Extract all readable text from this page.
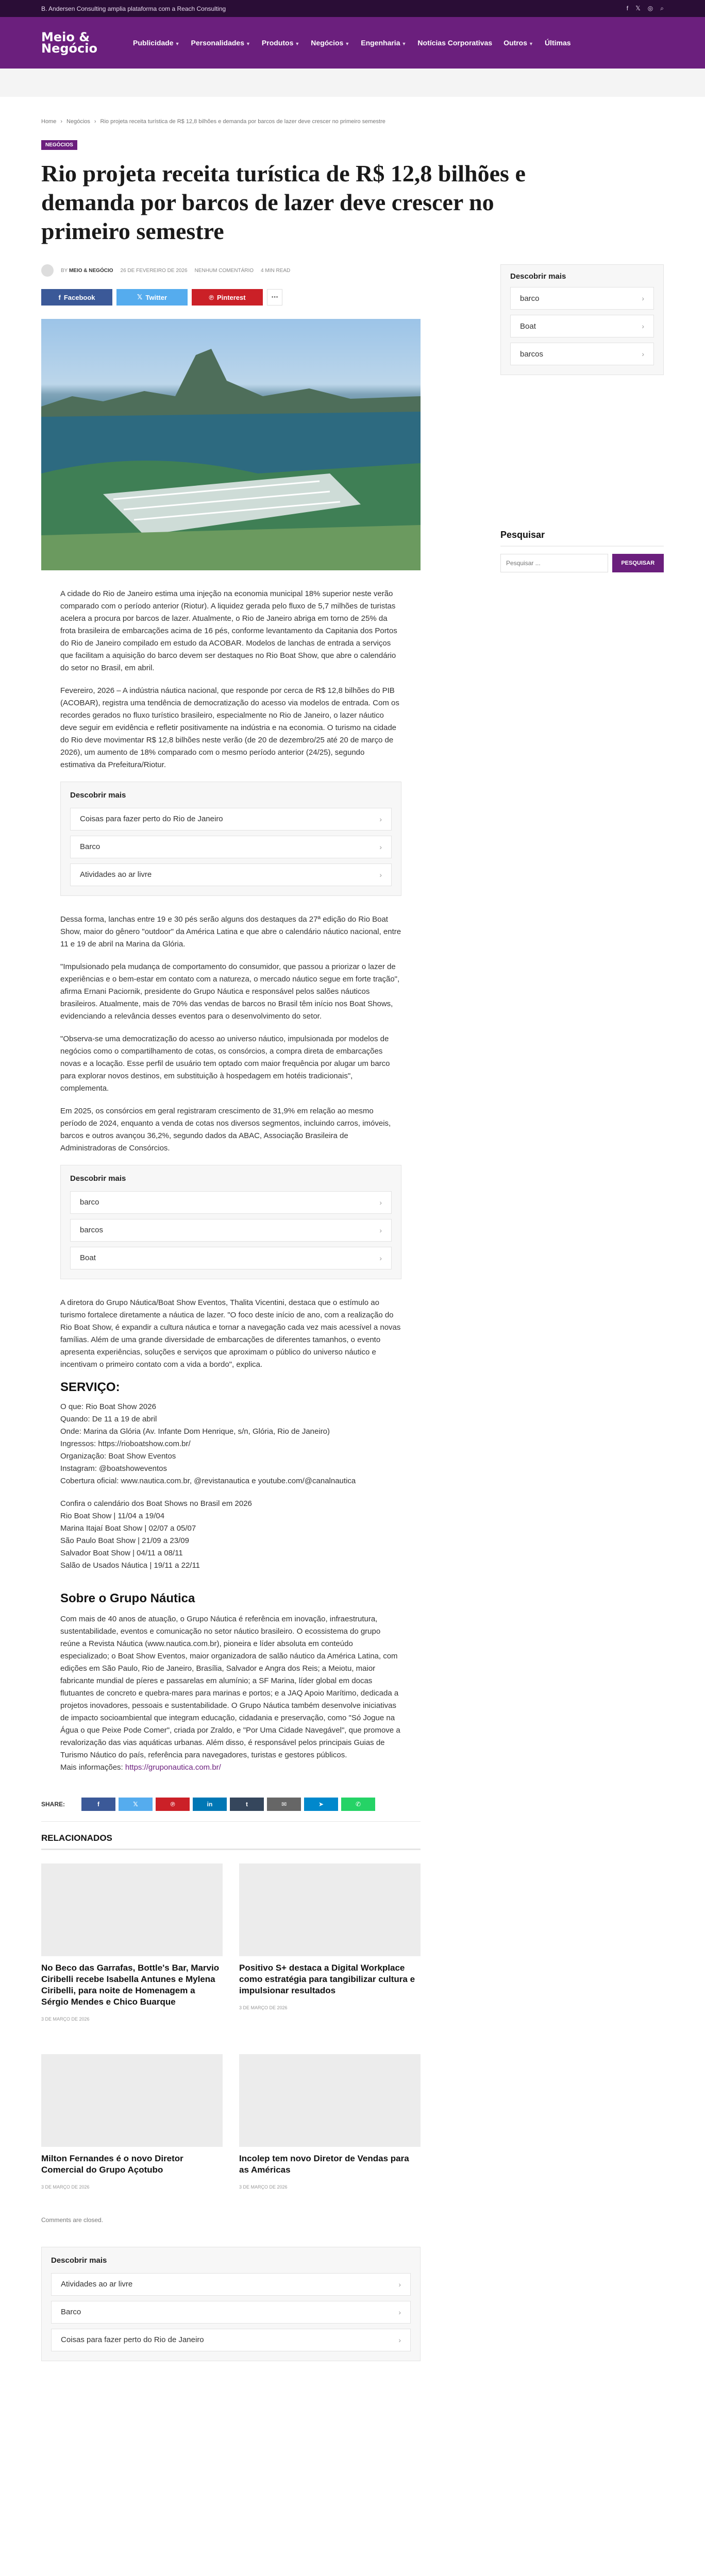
B. Andersen Consulting amplia plataforma com a Reach Consulting	f 𝕏 ◎ ⌕
Meio &
Negócio	Publicidade ▼ Personalidades ▼ Produtos ▼ Negócios ▼ Engenharia ▼ Notícias Corporativas Outros ▼ Últimas
Home › Negócios › Rio projeta receita turística de R$ 12,8 bilhões e demanda por barcos de lazer deve crescer no primeiro semestre
NEGÓCIOS
Rio projeta receita turística de R$ 12,8 bilhões e demanda por barcos de lazer deve crescer no primeiro semestre
BY MEIO & NEGÓCIO 26 DE FEVEREIRO DE 2026 NENHUM COMENTÁRIO 4 MIN READ
f Facebook	𝕏 Twitter	℗ Pinterest	⋯

A cidade do Rio de Janeiro estima uma injeção na economia municipal 18% superior neste verão comparado com o período anterior (Riotur). A liquidez gerada pelo fluxo de 5,7 milhões de turistas acelera a procura por barcos de lazer. Atualmente, o Rio de Janeiro abriga em torno de 25% da frota brasileira de embarcações acima de 16 pés, conforme levantamento da Capitania dos Portos do Rio de Janeiro compilado em estudo da ACOBAR. Modelos de lanchas de entrada a serviços que facilitam a aquisição do barco devem ser destaques no Rio Boat Show, que abre o calendário do setor no Brasil, em abril.

Fevereiro, 2026 – A indústria náutica nacional, que responde por cerca de R$ 12,8 bilhões do PIB (ACOBAR), registra uma tendência de democratização do acesso via modelos de entrada. Com os recordes gerados no fluxo turístico brasileiro, especialmente no Rio de Janeiro, o lazer náutico deve seguir em evidência e refletir positivamente na indústria e na economia. O turismo na cidade do Rio deve movimentar R$ 12,8 bilhões neste verão (de 20 de dezembro/25 até 20 de março de 2026), um aumento de 18% comparado com o mesmo período anterior (24/25), segundo estimativa da Prefeitura/Riotur.

Descobrir mais
Coisas para fazer perto do Rio de Janeiro	›
Barco	›
Atividades ao ar livre	›

Dessa forma, lanchas entre 19 e 30 pés serão alguns dos destaques da 27ª edição do Rio Boat Show, maior do gênero "outdoor" da América Latina e que abre o calendário náutico nacional, entre 11 e 19 de abril na Marina da Glória.

"Impulsionado pela mudança de comportamento do consumidor, que passou a priorizar o lazer de experiências e o bem-estar em contato com a natureza, o mercado náutico segue em forte tração", afirma Ernani Paciornik, presidente do Grupo Náutica e responsável pelos salões náuticos brasileiros. Atualmente, mais de 70% das vendas de barcos no Brasil têm início nos Boat Shows, evidenciando a relevância desses eventos para o desenvolvimento do setor.

"Observa-se uma democratização do acesso ao universo náutico, impulsionada por modelos de negócios como o compartilhamento de cotas, os consórcios, a compra direta de embarcações novas e a locação. Esse perfil de usuário tem optado com maior frequência por alugar um barco para explorar novos destinos, em substituição à hospedagem em hotéis tradicionais", complementa.

Em 2025, os consórcios em geral registraram crescimento de 31,9% em relação ao mesmo período de 2024, enquanto a venda de cotas nos diversos segmentos, incluindo carros, imóveis, barcos e outros avançou 36,2%, segundo dados da ABAC, Associação Brasileira de Administradoras de Consórcios.

Descobrir mais
barco	›
barcos	›
Boat	›

A diretora do Grupo Náutica/Boat Show Eventos, Thalita Vicentini, destaca que o estímulo ao turismo fortalece diretamente a náutica de lazer. "O foco deste início de ano, com a realização do Rio Boat Show, é expandir a cultura náutica e tornar a navegação cada vez mais acessível a novas famílias. Além de uma grande diversidade de embarcações de diferentes tamanhos, o evento apresenta experiências, soluções e serviços que aproximam o público do universo náutico e incentivam o primeiro contato com a vida a bordo", explica.

SERVIÇO:
O que: Rio Boat Show 2026
Quando: De 11 a 19 de abril
Onde: Marina da Glória (Av. Infante Dom Henrique, s/n, Glória, Rio de Janeiro)
Ingressos: https://rioboatshow.com.br/
Organização: Boat Show Eventos
Instagram: @boatshoweventos
Cobertura oficial: www.nautica.com.br, @revistanautica e youtube.com/@canalnautica
Confira o calendário dos Boat Shows no Brasil em 2026
Rio Boat Show | 11/04 a 19/04
Marina Itajaí Boat Show | 02/07 a 05/07
São Paulo Boat Show | 21/09 a 23/09
Salvador Boat Show | 04/11 a 08/11
Salão de Usados Náutica | 19/11 a 22/11
Sobre o Grupo Náutica

Com mais de 40 anos de atuação, o Grupo Náutica é referência em inovação, infraestrutura, sustentabilidade, eventos e comunicação no setor náutico brasileiro. O ecossistema do grupo reúne a Revista Náutica (www.nautica.com.br), pioneira e líder absoluta em conteúdo especializado; o Boat Show Eventos, maior organizadora de salão náutico da América Latina, com edições em São Paulo, Rio de Janeiro, Brasília, Salvador e Angra dos Reis; a Meiotu, maior fabricante mundial de píeres e passarelas em alumínio; a SF Marina, líder global em docas flutuantes de concreto e quebra-mares para marinas e portos; e a JAQ Apoio Marítimo, dedicada a projetos inovadores, pessoais e sustentabilidade. O Grupo Náutica também desenvolve iniciativas de impacto socioambiental que integram educação, cidadania e preservação, como "Só Jogue na Água o que Peixe Pode Comer", criada por Zraldo, e "Por Uma Cidade Navegável", que promove a revalorização das vias aquáticas urbanas. Além disso, é responsável pelos principais Guias de Turismo Náutico do país, referência para navegadores, turistas e gestores públicos.

Mais informações: https://gruponautica.com.br/

SHARE:	f	𝕏	℗	in	t	✉	➤	✆
RELACIONADOS
No Beco das Garrafas, Bottle's Bar, Marvio Ciribelli recebe Isabella Antunes e Mylena Ciribelli, para noite de Homenagem a Sérgio Mendes e Chico Buarque
3 DE MARÇO DE 2026
Positivo S+ destaca a Digital Workplace como estratégia para tangibilizar cultura e impulsionar resultados
3 DE MARÇO DE 2026
Milton Fernandes é o novo Diretor Comercial do Grupo Açotubo
3 DE MARÇO DE 2026
Incolep tem novo Diretor de Vendas para as Américas
3 DE MARÇO DE 2026
Comments are closed.
Descobrir mais
Atividades ao ar livre	›
Barco	›
Coisas para fazer perto do Rio de Janeiro	›
Descobrir mais
barco	›
Boat	›
barcos	›
Pesquisar
Pesquisar ...
PESQUISAR
